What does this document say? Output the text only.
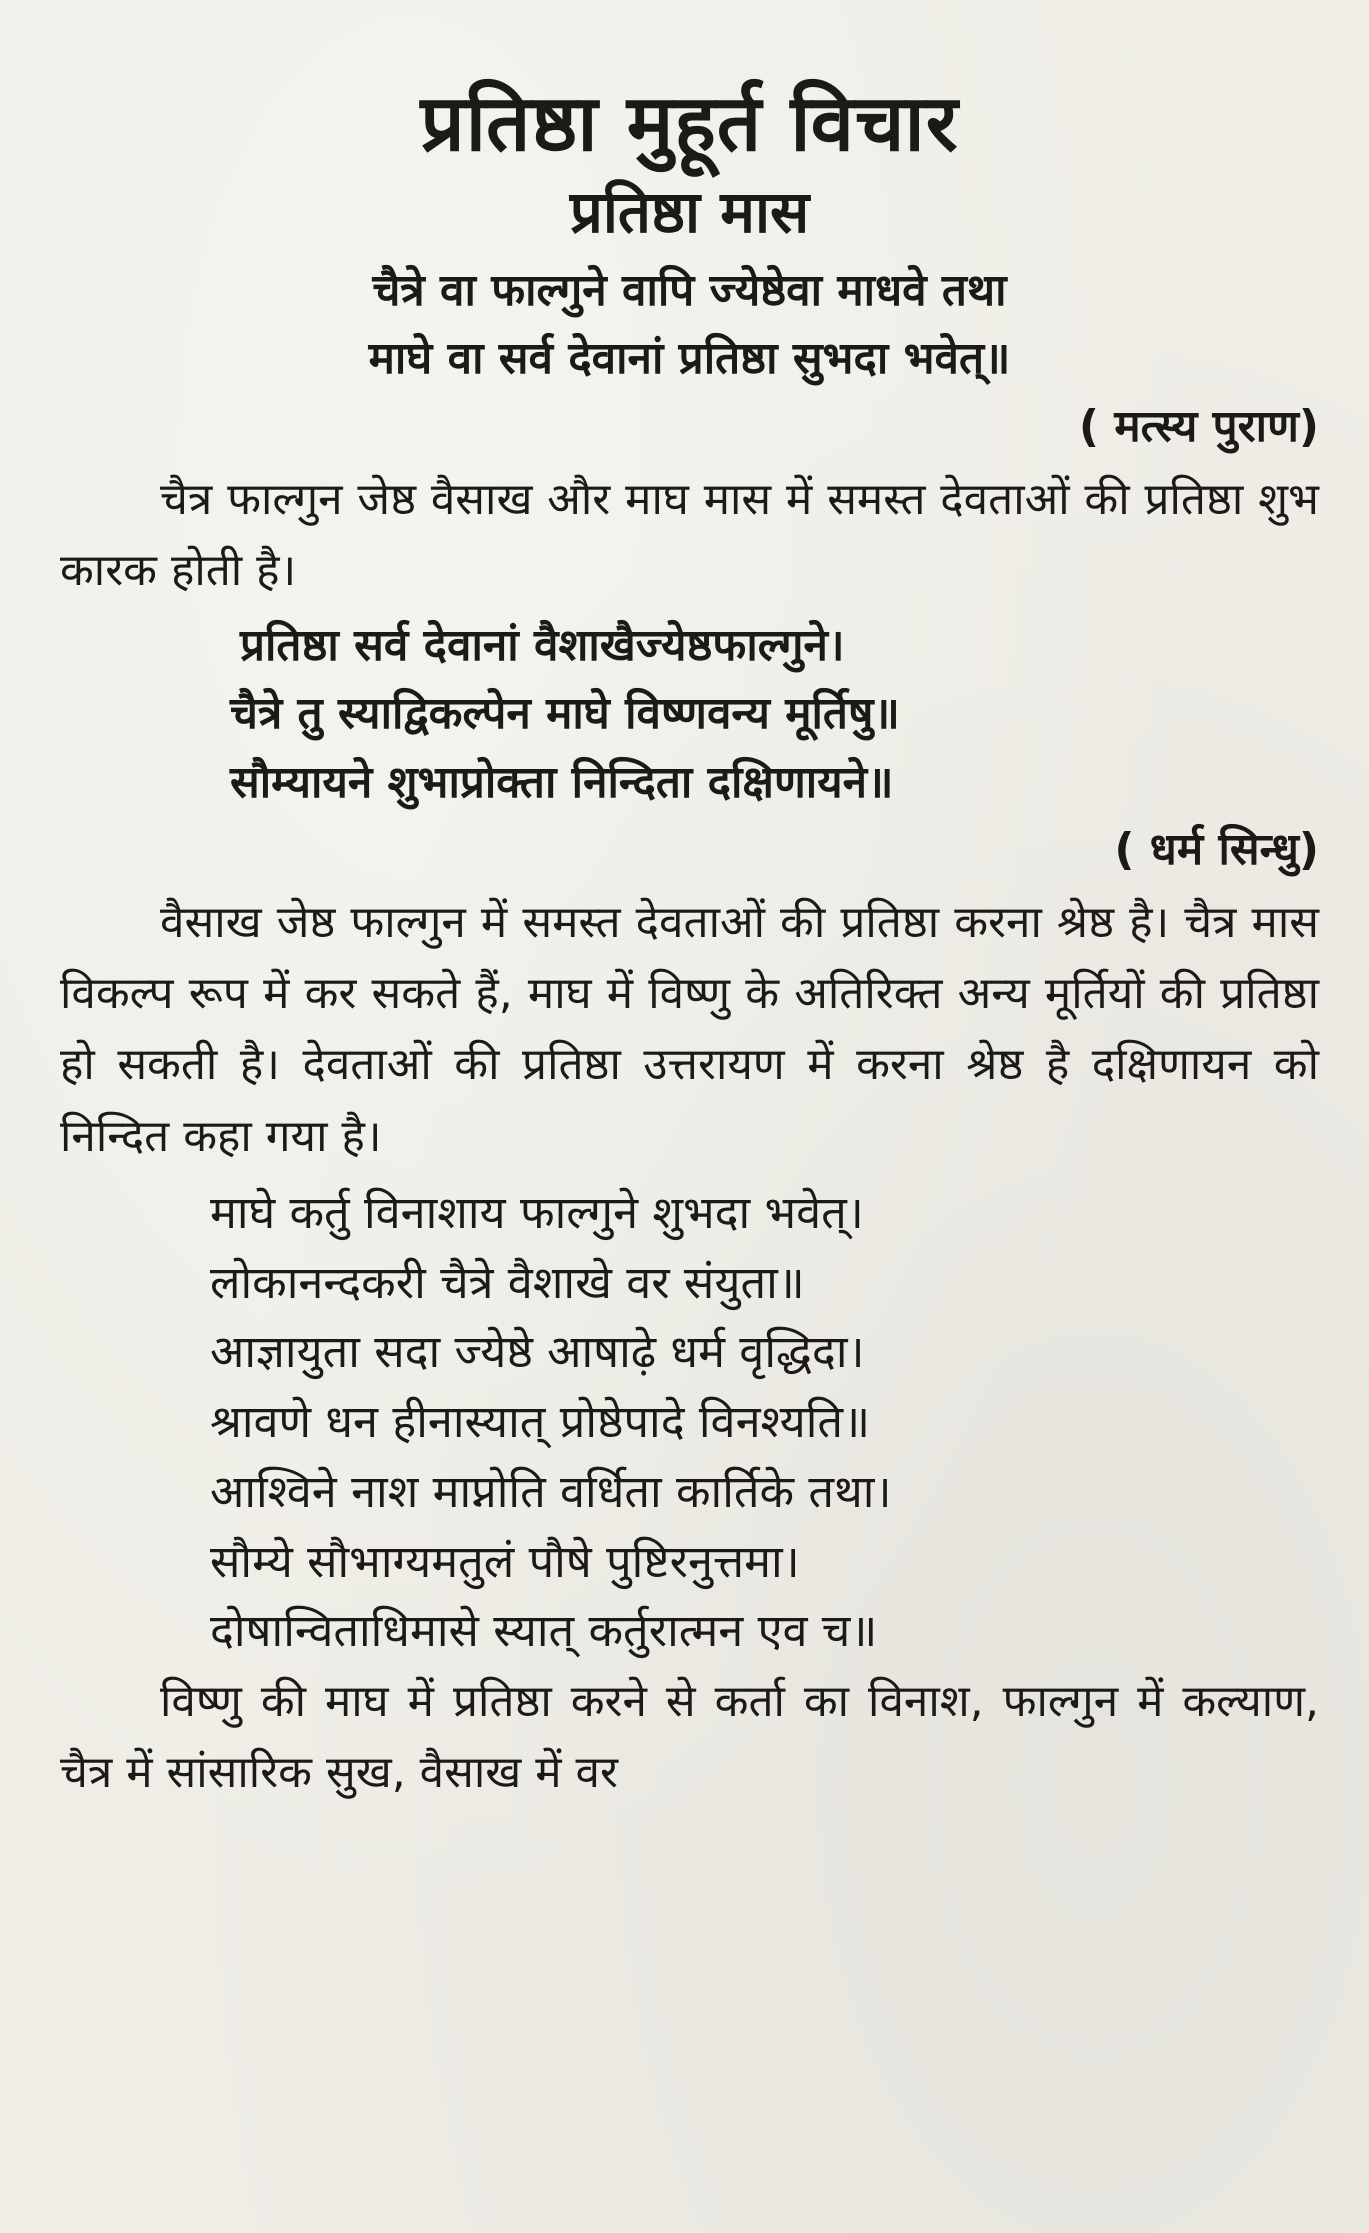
प्रतिष्ठा मुहूर्त विचार
प्रतिष्ठा मास
चैत्रे वा फाल्गुने वापि ज्येष्ठेवा माधवे तथा
माघे वा सर्व देवानां प्रतिष्ठा सुभदा भवेत्॥
( मत्स्य पुराण)

चैत्र फाल्गुन जेष्ठ वैसाख और माघ मास में समस्त देवताओं की प्रतिष्ठा शुभ कारक होती है।

प्रतिष्ठा सर्व देवानां वैशाखैज्येष्ठफाल्गुने।
चैत्रे तु स्याद्विकल्पेन माघे विष्णवन्य मूर्तिषु॥
सौम्यायने शुभाप्रोक्ता निन्दिता दक्षिणायने॥
( धर्म सिन्धु)

वैसाख जेष्ठ फाल्गुन में समस्त देवताओं की प्रतिष्ठा करना श्रेष्ठ है। चैत्र मास विकल्प रूप में कर सकते हैं, माघ में विष्णु के अतिरिक्त अन्य मूर्तियों की प्रतिष्ठा हो सकती है। देवताओं की प्रतिष्ठा उत्तरायण में करना श्रेष्ठ है दक्षिणायन को निन्दित कहा गया है।

माघे कर्तु विनाशाय फाल्गुने शुभदा भवेत्।
लोकानन्दकरी चैत्रे वैशाखे वर संयुता॥
आज्ञायुता सदा ज्येष्ठे आषाढ़े धर्म वृद्धिदा।
श्रावणे धन हीनास्यात् प्रोष्ठेपादे विनश्यति॥
आश्विने नाश माप्नोति वर्धिता कार्तिके तथा।
सौम्ये सौभाग्यमतुलं पौषे पुष्टिरनुत्तमा।
दोषान्विताधिमासे स्यात् कर्तुरात्मन एव च॥

विष्णु की माघ में प्रतिष्ठा करने से कर्ता का विनाश, फाल्गुन में कल्याण, चैत्र में सांसारिक सुख, वैसाख में वर
